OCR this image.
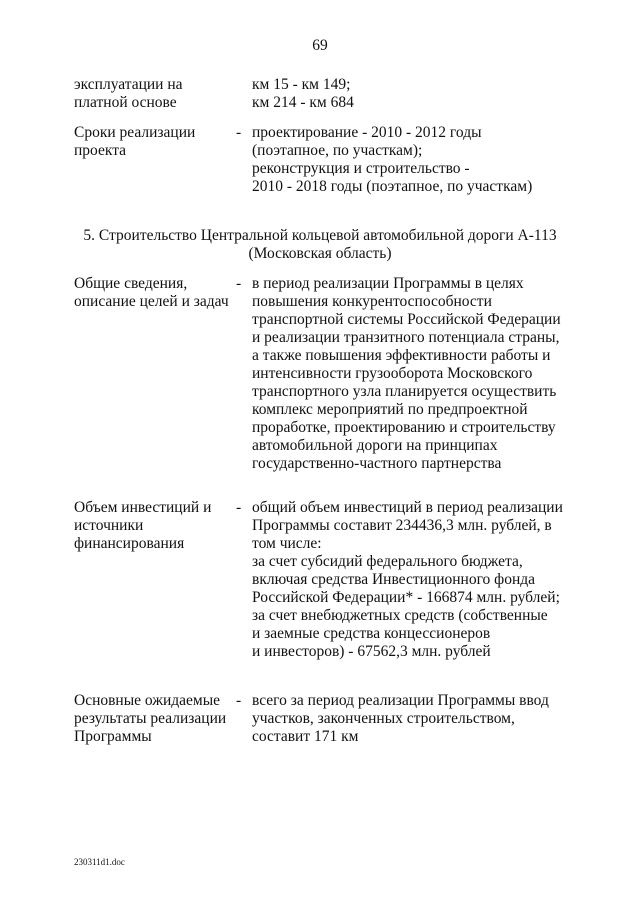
69
эксплуатации на
платной основе
км 15 - км 149;
км 214 - км 684
Сроки реализации
проекта
- проектирование - 2010 - 2012 годы
(поэтапное, по участкам);
реконструкция и строительство -
2010 - 2018 годы (поэтапное, по участкам)
5. Строительство Центральной кольцевой автомобильной дороги А-113
(Московская область)
Общие сведения,
описание целей и задач
- в период реализации Программы в целях
повышения конкурентоспособности
транспортной системы Российской Федерации
и реализации транзитного потенциала страны,
а также повышения эффективности работы и
интенсивности грузооборота Московского
транспортного узла планируется осуществить
комплекс мероприятий по предпроектной
проработке, проектированию и строительству
автомобильной дороги на принципах
государственно-частного партнерства
Объем инвестиций и
источники
финансирования
- общий объем инвестиций в период реализации
Программы составит 234436,3 млн. рублей, в
том числе:
за счет субсидий федерального бюджета,
включая средства Инвестиционного фонда
Российской Федерации* - 166874 млн. рублей;
за счет внебюджетных средств (собственные
и заемные средства концессионеров
и инвесторов) - 67562,3 млн. рублей
Основные ожидаемые
результаты реализации
Программы
- всего за период реализации Программы ввод
участков, законченных строительством,
составит 171 км
230311d1.doc
